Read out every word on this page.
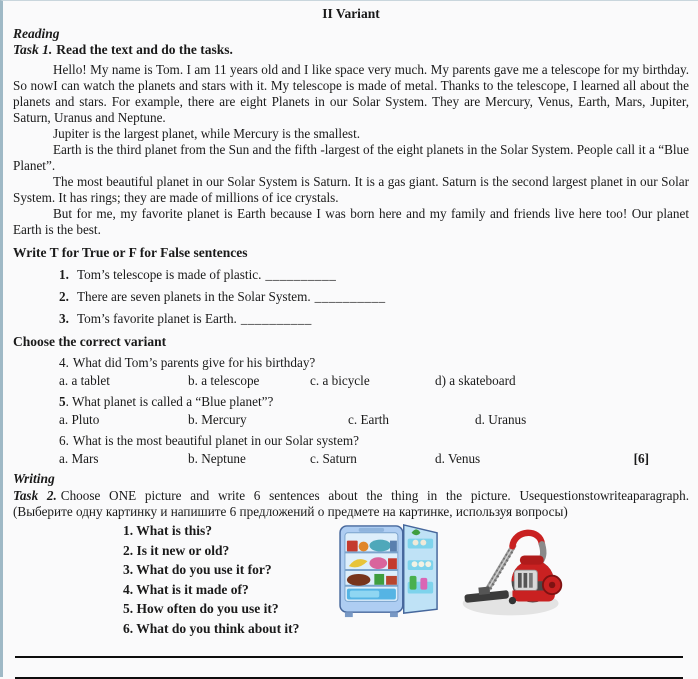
II Variant
Reading
Task 1. Read the text and do the tasks.

Hello! My name is Tom. I am 11 years old and I like space very much. My parents gave me a telescope for my birthday. So nowI can watch the planets and stars with it. My telescope is made of metal. Thanks to the telescope, I learned all about the planets and stars. For example, there are eight Planets in our Solar System. They are Mercury, Venus, Earth, Mars, Jupiter, Saturn, Uranus and Neptune.

Jupiter is the largest planet, while Mercury is the smallest.

Earth is the third planet from the Sun and the fifth -largest of the eight planets in the Solar System. People call it a “Blue Planet”.

The most beautiful planet in our Solar System is Saturn. It is a gas giant. Saturn is the second largest planet in our Solar System. It has rings; they are made of millions of ice crystals.

But for me, my favorite planet is Earth because I was born here and my family and friends live here too! Our planet Earth is the best.

Write T for True or F for False sentences
1. Tom’s telescope is made of plastic. __________
2. There are seven planets in the Solar System. __________
3. Tom’s favorite planet is Earth. __________
Choose the correct variant
4. What did Tom’s parents give for his birthday?
a. a tablet	b. a telescope	c. a bicycle	d) a skateboard
5. What planet is called a “Blue planet”?
a. Pluto	b. Mercury	c. Earth	d. Uranus
6. What is the most beautiful planet in our Solar system?
a. Mars	b. Neptune	c. Saturn	d. Venus	[6]
Writing
Task 2. Choose ONE picture and write 6 sentences about the thing in the picture. Usequestionstowriteaparagraph.
(Выберите одну картинку и напишите 6 предложений о предмете на картинке, используя вопросы)
1. What is this?
2. Is it new or old?
3. What do you use it for?
4. What is it made of?
5. How often do you use it?
6. What do you think about it?
